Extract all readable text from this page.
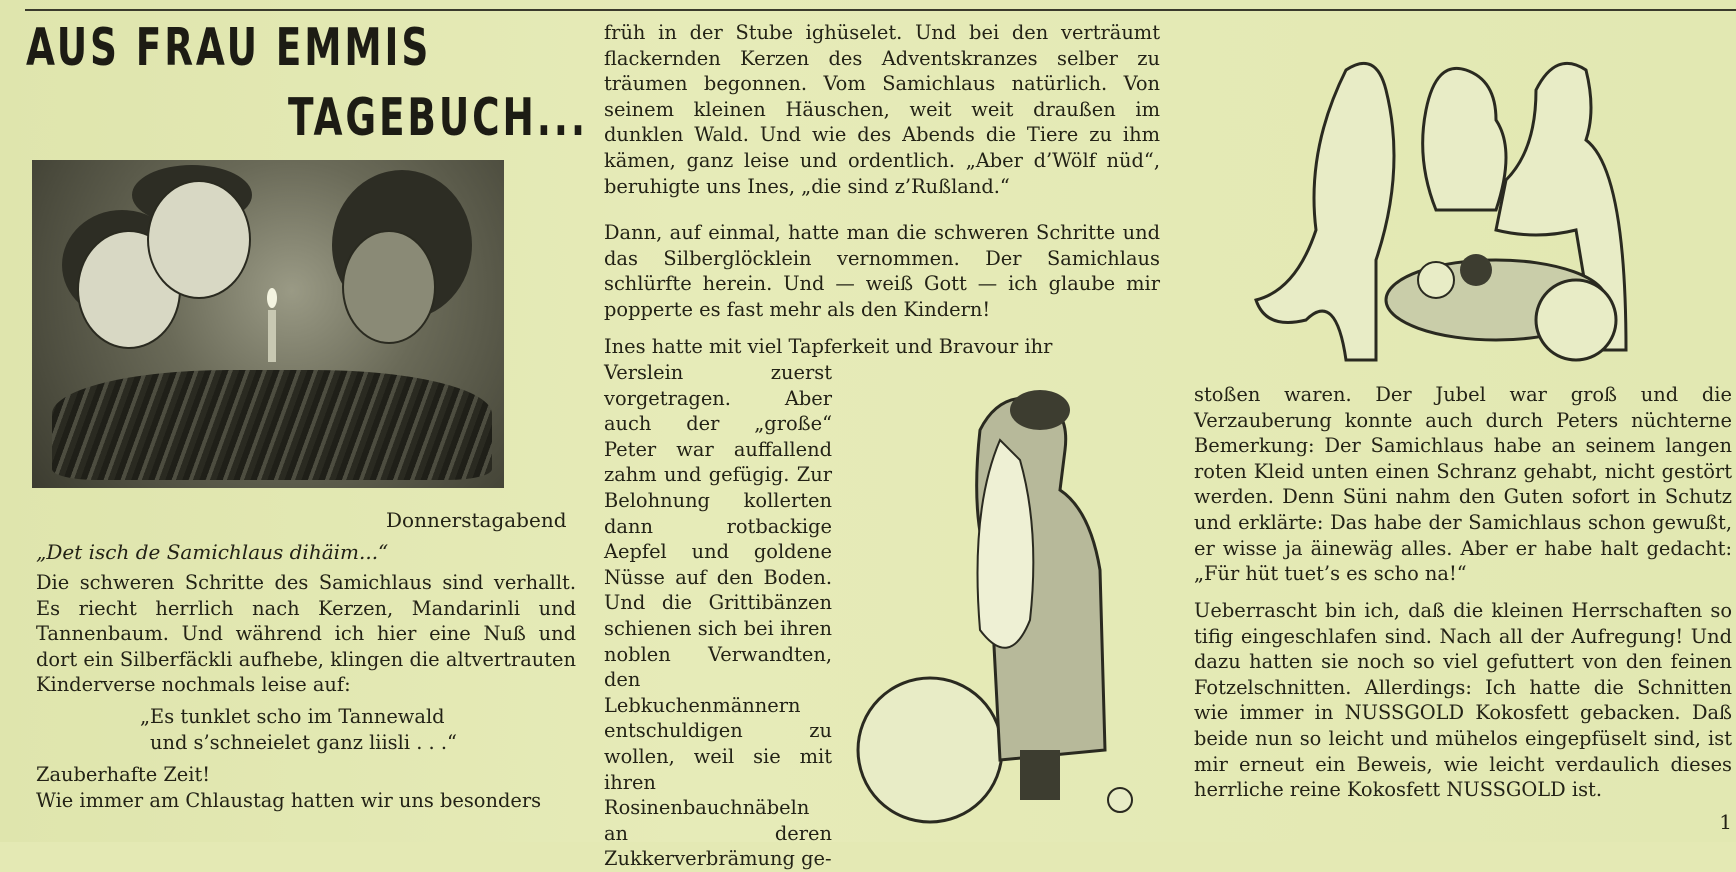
AUS FRAU EMMIS
TAGEBUCH...
Donnerstagabend
„Det isch de Samichlaus dihäim...“

Die schweren Schritte des Samichlaus sind verhallt. Es riecht herrlich nach Kerzen, Mandarinli und Tannenbaum. Und während ich hier eine Nuß und dort ein Silberfäckli aufhebe, klingen die altvertrauten Kinderverse nochmals leise auf:

„Es tunklet scho im Tannewald
und s’schneielet ganz liisli . . .“

Zauberhafte Zeit!

Wie immer am Chlaustag hatten wir uns besonders

früh in der Stube ighüselet. Und bei den verträumt flackernden Kerzen des Adventskranzes selber zu träumen begonnen. Vom Samichlaus natürlich. Von seinem kleinen Häuschen, weit weit draußen im dunklen Wald. Und wie des Abends die Tiere zu ihm kämen, ganz leise und ordentlich. „Aber d’Wölf nüd“, beruhigte uns Ines, „die sind z’Rußland.“

Dann, auf einmal, hatte man die schweren Schritte und das Silberglöcklein vernommen. Der Samichlaus schlürfte herein. Und — weiß Gott — ich glaube mir popperte es fast mehr als den Kindern!

Ines hatte mit viel Tapferkeit und Bravour ihr

Verslein zuerst vorgetragen. Aber auch der „große“ Peter war auffallend zahm und gefügig. Zur Belohnung kollerten dann rotbackige Aepfel und goldene Nüsse auf den Boden. Und die Grittibänzen schienen sich bei ihren noblen Verwandten, den Lebkuchenmännern entschuldigen zu wollen, weil sie mit ihren Rosinenbauchnäbeln an deren Zukkerverbrämung ge-

stoßen waren. Der Jubel war groß und die Verzauberung konnte auch durch Peters nüchterne Bemerkung: Der Samichlaus habe an seinem langen roten Kleid unten einen Schranz gehabt, nicht gestört werden. Denn Süni nahm den Guten sofort in Schutz und erklärte: Das habe der Samichlaus schon gewußt, er wisse ja äinewäg alles. Aber er habe halt gedacht: „Für hüt tuet’s es scho na!“

Ueberrascht bin ich, daß die kleinen Herrschaften so tifig eingeschlafen sind. Nach all der Aufregung! Und dazu hatten sie noch so viel gefuttert von den feinen Fotzelschnitten. Allerdings: Ich hatte die Schnitten wie immer in NUSSGOLD Kokosfett gebacken. Daß beide nun so leicht und mühelos eingepfüselt sind, ist mir erneut ein Beweis, wie leicht verdaulich dieses herrliche reine Kokosfett NUSSGOLD ist.

1
